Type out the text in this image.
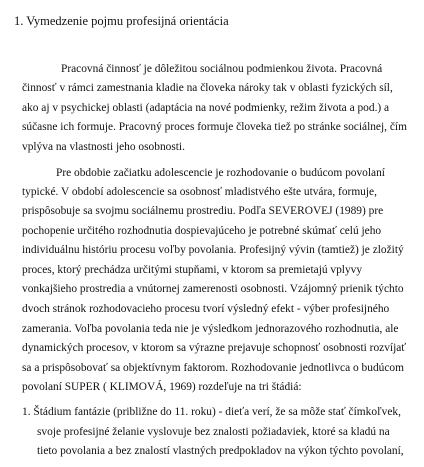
1. Vymedzenie pojmu profesijná orientácia
Pracovná činnosť je dôležitou sociálnou podmienkou života. Pracovná
činnosť v rámci zamestnania kladie na človeka nároky tak v oblasti fyzických síl,
ako aj v psychickej oblasti (adaptácia na nové podmienky, režim života a pod.) a
súčasne ich formuje. Pracovný proces formuje človeka tiež po stránke sociálnej, čím
vplýva na vlastnosti jeho osobnosti.
Pre obdobie začiatku adolescencie je rozhodovanie o budúcom povolaní
typické. V období adolescencie sa osobnosť mladistvého ešte utvára, formuje,
prispôsobuje sa svojmu sociálnemu prostrediu. Podľa SEVEROVEJ (1989) pre
pochopenie určitého rozhodnutia dospievajúceho je potrebné skúmať celú jeho
individuálnu históriu procesu voľby povolania. Profesijný vývin (tamtiež) je zložitý
proces, ktorý prechádza určitými stupňami, v ktorom sa premietajú vplyvy
vonkajšieho prostredia a vnútornej zamerenosti osobnosti. Vzájomný prienik týchto
dvoch stránok rozhodovacieho procesu tvorí výsledný efekt - výber profesijného
zamerania. Voľba povolania teda nie je výsledkom jednorazového rozhodnutia, ale
dynamických procesov, v ktorom sa výrazne prejavuje schopnosť osobnosti rozvíjať
sa a prispôsobovať sa objektívnym faktorom. Rozhodovanie jednotlivca o budúcom
povolaní SUPER ( KLIMOVÁ, 1969) rozdeľuje na tri štádiá:
1. Štádium fantázie (približne do 11. roku) - dieťa verí, že sa môže stať čímkoľvek,
svoje profesijné želanie vyslovuje bez znalosti požiadaviek, ktoré sa kladú na
tieto povolania a bez znalostí vlastných predpokladov na výkon týchto povolaní,
